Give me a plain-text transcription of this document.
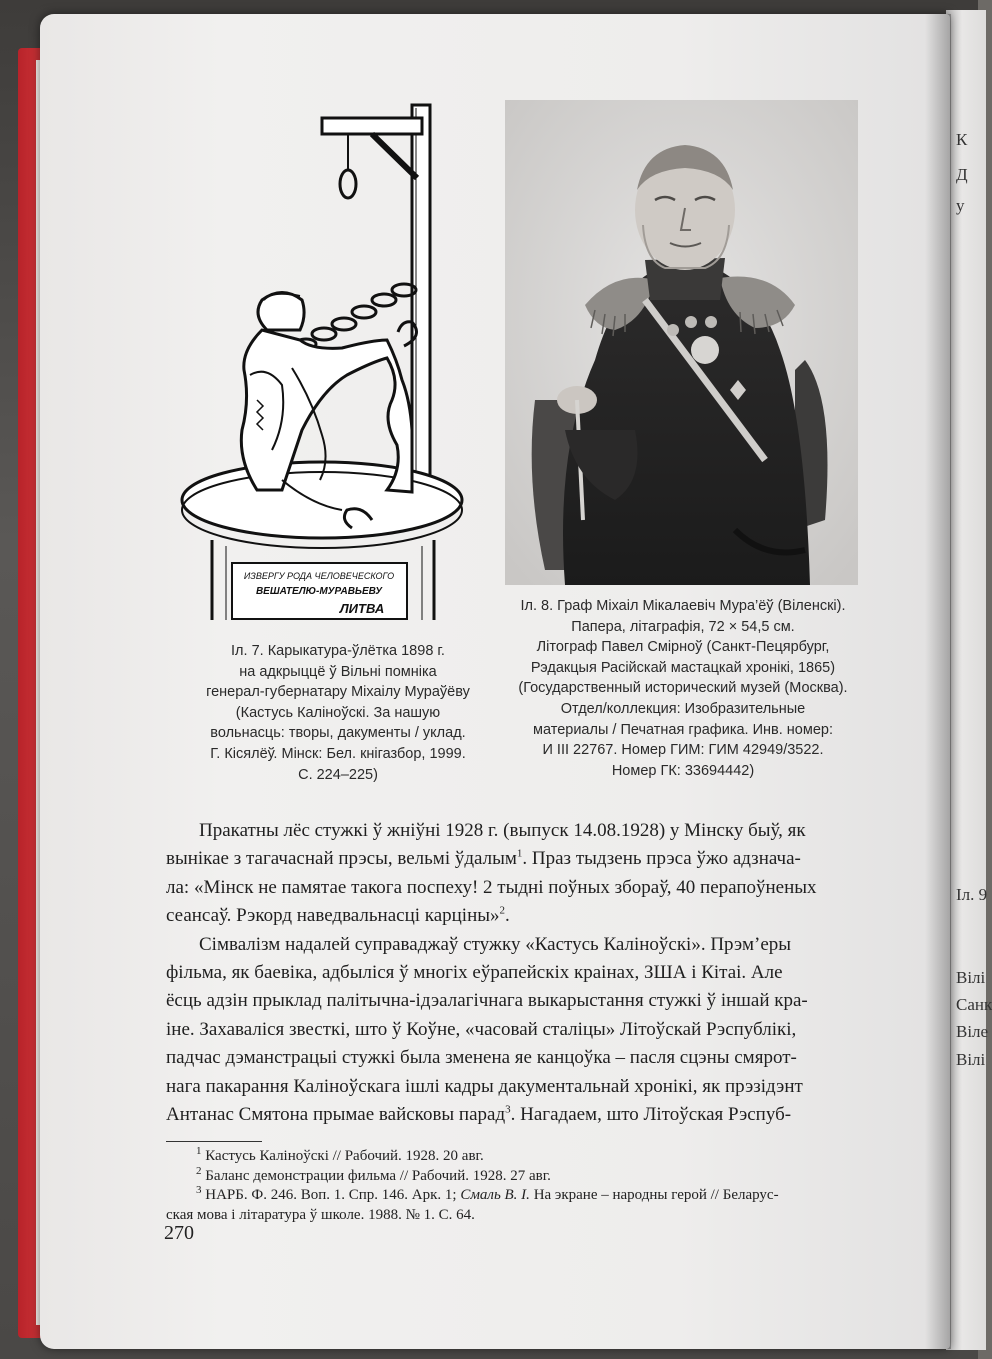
К
Д
у
Іл. 9
Вілі
Санк
Віле
Вілі
ИЗВЕРГУ РОДА ЧЕЛОВЕЧЕСКОГО
ВЕШАТЕЛЮ-МУРАВЬЕВУ
ЛИТВА
Іл. 7. Карыкатура-ўлётка 1898 г.
на адкрыццё ў Вільні помніка
генерал-губернатару Міхаілу Мураўёву
(Кастусь Каліноўскі. За нашую
вольнасць: творы, дакументы / уклад.
Г. Кісялёў. Мінск: Бел. кнігазбор, 1999.
С. 224–225)
Іл. 8. Граф Міхаіл Мікалаевіч Мура’ёў (Віленскі).
Папера, літаграфія, 72 × 54,5 см.
Літограф Павел Смірноў (Санкт-Пецярбург,
Рэдакцыя Расійскай мастацкай хронікі, 1865)
(Государственный исторический музей (Москва).
Отдел/коллекция: Изобразительные
материалы / Печатная графика. Инв. номер:
И III 22767. Номер ГИМ: ГИМ 42949/3522.
Номер ГК: 33694442)
Пракатны лёс стужкі ў жніўні 1928 г. (выпуск 14.08.1928) у Мінску быў, як
вынікае з тагачаснай прэсы, вельмі ўдалым$^1$. Праз тыдзень прэса ўжо адзнача-
ла: «Мінск не памятае такога поспеху! 2 тыдні поўных збораў, 40 перапоўненых
сеансаў. Рэкорд наведвальнасці карціны»$^2$.
Сімвалізм надалей суправаджаў стужку «Кастусь Каліноўскі». Прэм’еры
фільма, як баевіка, адбыліся ў многіх еўрапейскіх краінах, ЗША і Кітаі. Але
ёсць адзін прыклад палітычна-ідэалагічнага выкарыстання стужкі ў іншай кра-
іне. Захаваліся звесткі, што ў Коўне, «часовай сталіцы» Літоўскай Рэспублікі,
падчас дэманстрацыі стужкі была зменена яе канцоўка – пасля сцэны смярот-
нага пакарання Каліноўскага ішлі кадры дакументальнай хронікі, як прэзідэнт
Антанас Смятона прымае вайсковы парад$^3$. Нагадаем, што Літоўская Рэспуб-
$^1$ Кастусь Каліноўскі // Рабочий. 1928. 20 авг.
$^2$ Баланс демонстрации фильма // Рабочий. 1928. 27 авг.
$^3$ НАРБ. Ф. 246. Воп. 1. Спр. 146. Арк. 1; Смаль В. І. На экране – народны герой // Беларус-
ская мова і літаратура ў школе. 1988. № 1. С. 64.
270
